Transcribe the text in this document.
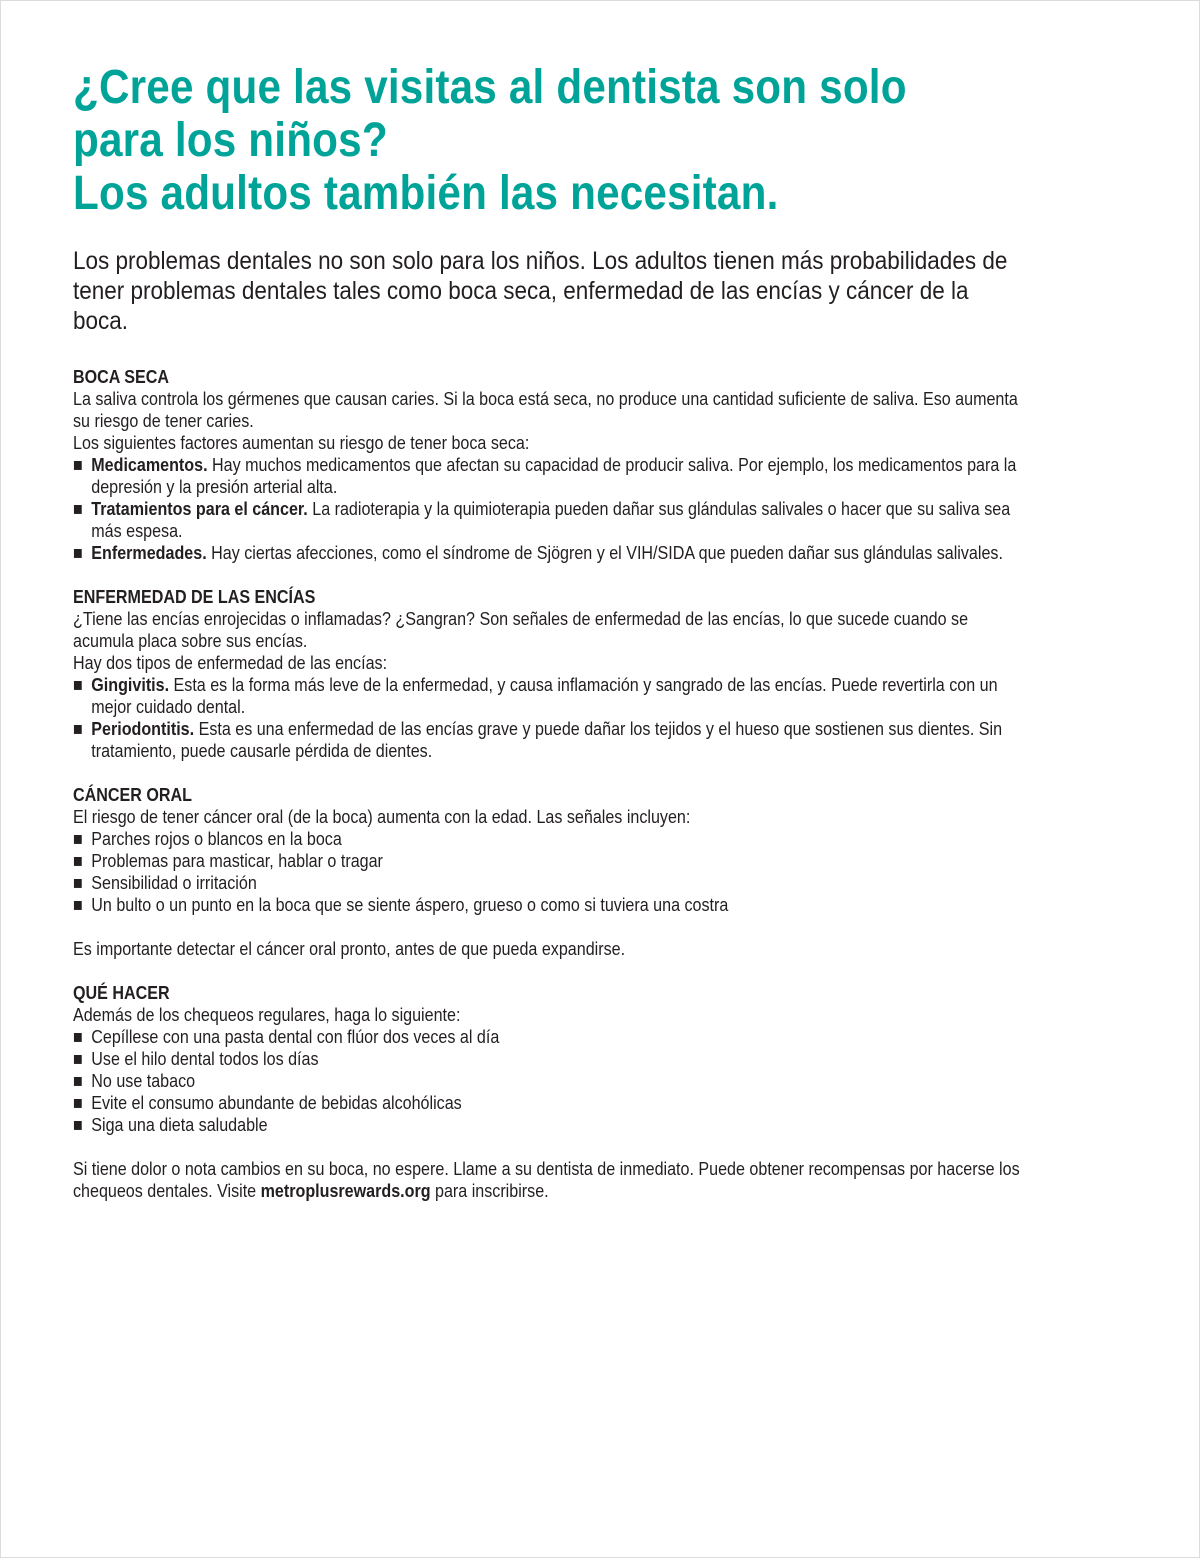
¿Cree que las visitas al dentista son solo
para los niños?
Los adultos también las necesitan.
Los problemas dentales no son solo para los niños. Los adultos tienen más probabilidades de tener problemas dentales tales como boca seca, enfermedad de las encías y cáncer de la boca.
BOCA SECA
La saliva controla los gérmenes que causan caries. Si la boca está seca, no produce una cantidad suficiente de saliva. Eso aumenta su riesgo de tener caries.
Los siguientes factores aumentan su riesgo de tener boca seca:
■ Medicamentos. Hay muchos medicamentos que afectan su capacidad de producir saliva. Por ejemplo, los medicamentos para la depresión y la presión arterial alta.
■ Tratamientos para el cáncer. La radioterapia y la quimioterapia pueden dañar sus glándulas salivales o hacer que su saliva sea más espesa.
■ Enfermedades. Hay ciertas afecciones, como el síndrome de Sjögren y el VIH/SIDA que pueden dañar sus glándulas salivales.
ENFERMEDAD DE LAS ENCÍAS
¿Tiene las encías enrojecidas o inflamadas? ¿Sangran? Son señales de enfermedad de las encías, lo que sucede cuando se acumula placa sobre sus encías.
Hay dos tipos de enfermedad de las encías:
■ Gingivitis. Esta es la forma más leve de la enfermedad, y causa inflamación y sangrado de las encías. Puede revertirla con un mejor cuidado dental.
■ Periodontitis. Esta es una enfermedad de las encías grave y puede dañar los tejidos y el hueso que sostienen sus dientes. Sin tratamiento, puede causarle pérdida de dientes.
CÁNCER ORAL
El riesgo de tener cáncer oral (de la boca) aumenta con la edad. Las señales incluyen:
■ Parches rojos o blancos en la boca
■ Problemas para masticar, hablar o tragar
■ Sensibilidad o irritación
■ Un bulto o un punto en la boca que se siente áspero, grueso o como si tuviera una costra
Es importante detectar el cáncer oral pronto, antes de que pueda expandirse.
QUÉ HACER
Además de los chequeos regulares, haga lo siguiente:
■ Cepíllese con una pasta dental con flúor dos veces al día
■ Use el hilo dental todos los días
■ No use tabaco
■ Evite el consumo abundante de bebidas alcohólicas
■ Siga una dieta saludable
Si tiene dolor o nota cambios en su boca, no espere. Llame a su dentista de inmediato. Puede obtener recompensas por hacerse los chequeos dentales. Visite metroplusrewards.org para inscribirse.
